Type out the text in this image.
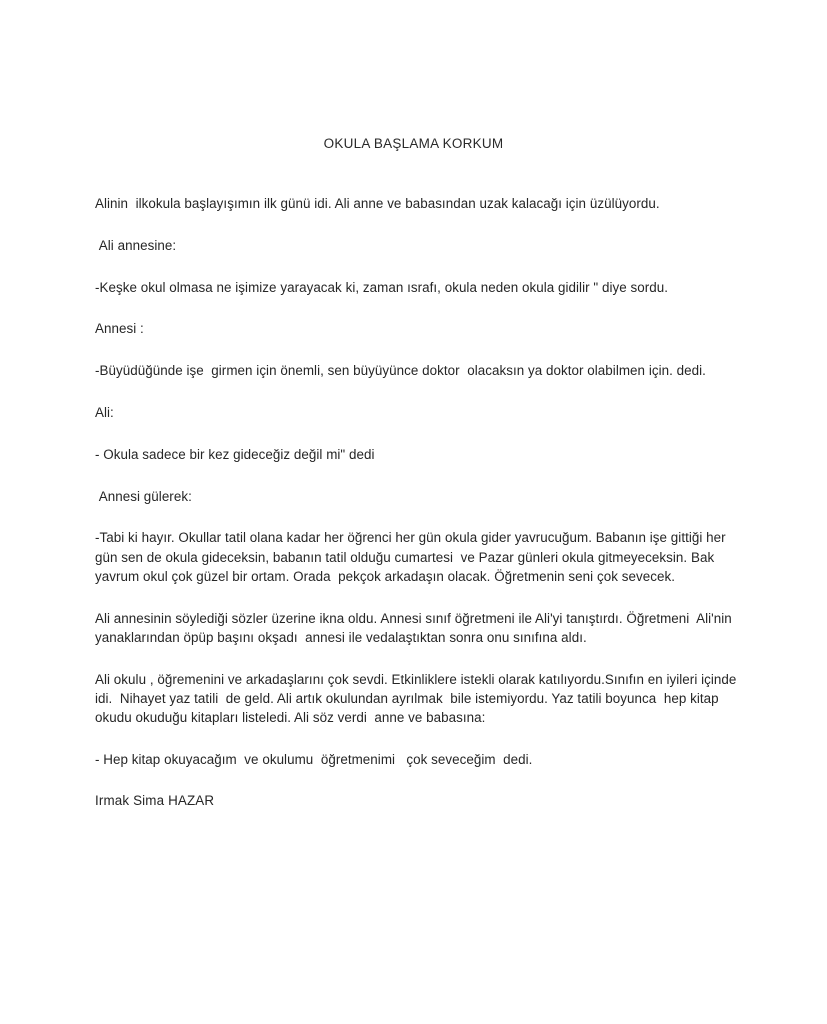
OKULA BAŞLAMA KORKUM

Alinin  ilkokula başlayışımın ilk günü idi. Ali anne ve babasından uzak kalacağı için üzülüyordu.

Ali annesine:

-Keşke okul olmasa ne işimize yarayacak ki, zaman ısrafı, okula neden okula gidilir " diye sordu.

Annesi :

-Büyüdüğünde işe  girmen için önemli, sen büyüyünce doktor  olacaksın ya doktor olabilmen için. dedi.

Ali:

- Okula sadece bir kez gideceğiz değil mi" dedi

Annesi gülerek:

-Tabi ki hayır. Okullar tatil olana kadar her öğrenci her gün okula gider yavrucuğum. Babanın işe gittiği her gün sen de okula gideceksin, babanın tatil olduğu cumartesi  ve Pazar günleri okula gitmeyeceksin. Bak yavrum okul çok güzel bir ortam. Orada  pekçok arkadaşın olacak. Öğretmenin seni çok sevecek.

Ali annesinin söylediği sözler üzerine ikna oldu. Annesi sınıf öğretmeni ile Ali'yi tanıştırdı. Öğretmeni  Ali'nin yanaklarından öpüp başını okşadı  annesi ile vedalaştıktan sonra onu sınıfına aldı.

Ali okulu , öğremenini ve arkadaşlarını çok sevdi. Etkinliklere istekli olarak katılıyordu.Sınıfın en iyileri içinde idi.  Nihayet yaz tatili  de geld. Ali artık okulundan ayrılmak  bile istemiyordu. Yaz tatili boyunca  hep kitap okudu okuduğu kitapları listeledi. Ali söz verdi  anne ve babasına:

- Hep kitap okuyacağım  ve okulumu  öğretmenimi   çok seveceğim  dedi.

Irmak Sima HAZAR
